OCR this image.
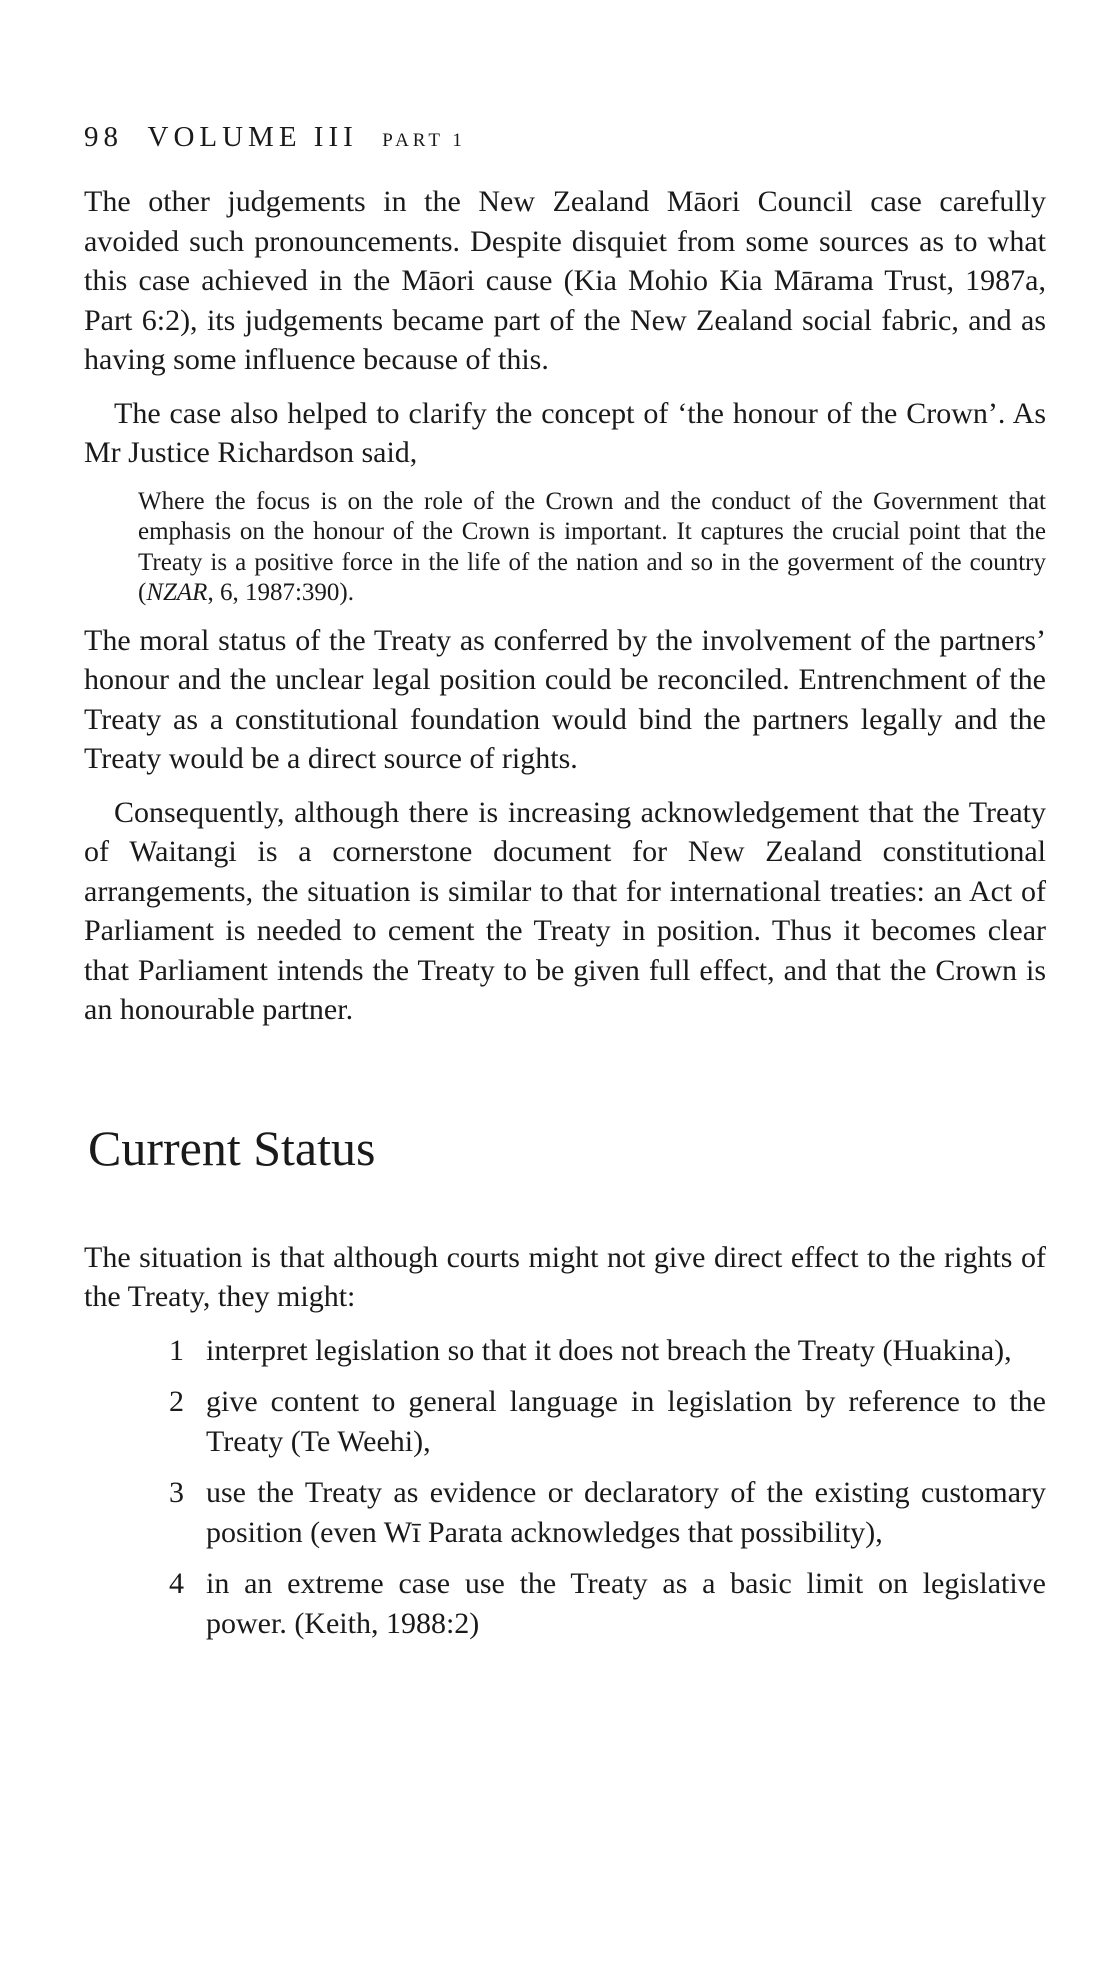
98 VOLUME III PART 1

The other judgements in the New Zealand Māori Council case carefully avoided such pronouncements. Despite disquiet from some sources as to what this case achieved in the Māori cause (Kia Mohio Kia Mārama Trust, 1987a, Part 6:2), its judgements became part of the New Zealand social fabric, and as having some influence because of this.

The case also helped to clarify the concept of ‘the honour of the Crown’. As Mr Justice Richardson said,

Where the focus is on the role of the Crown and the conduct of the Government that emphasis on the honour of the Crown is important. It captures the crucial point that the Treaty is a positive force in the life of the nation and so in the goverment of the country (NZAR, 6, 1987:390).

The moral status of the Treaty as conferred by the involvement of the partners’ honour and the unclear legal position could be reconciled. Entrenchment of the Treaty as a constitutional foundation would bind the partners legally and the Treaty would be a direct source of rights.

Consequently, although there is increasing acknowledgement that the Treaty of Waitangi is a cornerstone document for New Zealand constitutional arrangements, the situation is similar to that for international treaties: an Act of Parliament is needed to cement the Treaty in position. Thus it becomes clear that Parliament intends the Treaty to be given full effect, and that the Crown is an honourable partner.

Current Status

The situation is that although courts might not give direct effect to the rights of the Treaty, they might:

1 interpret legislation so that it does not breach the Treaty (Huakina),
2 give content to general language in legislation by reference to the Treaty (Te Weehi),
3 use the Treaty as evidence or declaratory of the existing customary position (even Wī Parata acknowledges that possibility),
4 in an extreme case use the Treaty as a basic limit on legislative power. (Keith, 1988:2)
